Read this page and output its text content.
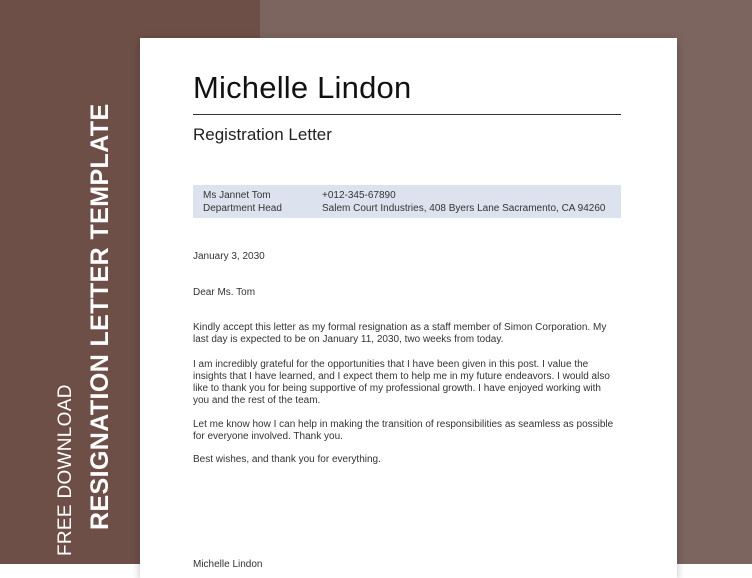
FREE DOWNLOAD RESIGNATION LETTER TEMPLATE
Michelle Lindon
Registration Letter
Ms Jannet Tom
Department Head
+012-345-67890
Salem Court Industries, 408 Byers Lane Sacramento, CA 94260
January 3, 2030
Dear Ms. Tom
Kindly accept this letter as my formal resignation as a staff member of Simon Corporation. My last day is expected to be on January 11, 2030, two weeks from today.
I am incredibly grateful for the opportunities that I have been given in this post. I value the insights that I have learned, and I expect them to help me in my future endeavors. I would also like to thank you for being supportive of my professional growth. I have enjoyed working with you and the rest of the team.
Let me know how I can help in making the transition of responsibilities as seamless as possible for everyone involved. Thank you.
Best wishes, and thank you for everything.
Michelle Lindon
